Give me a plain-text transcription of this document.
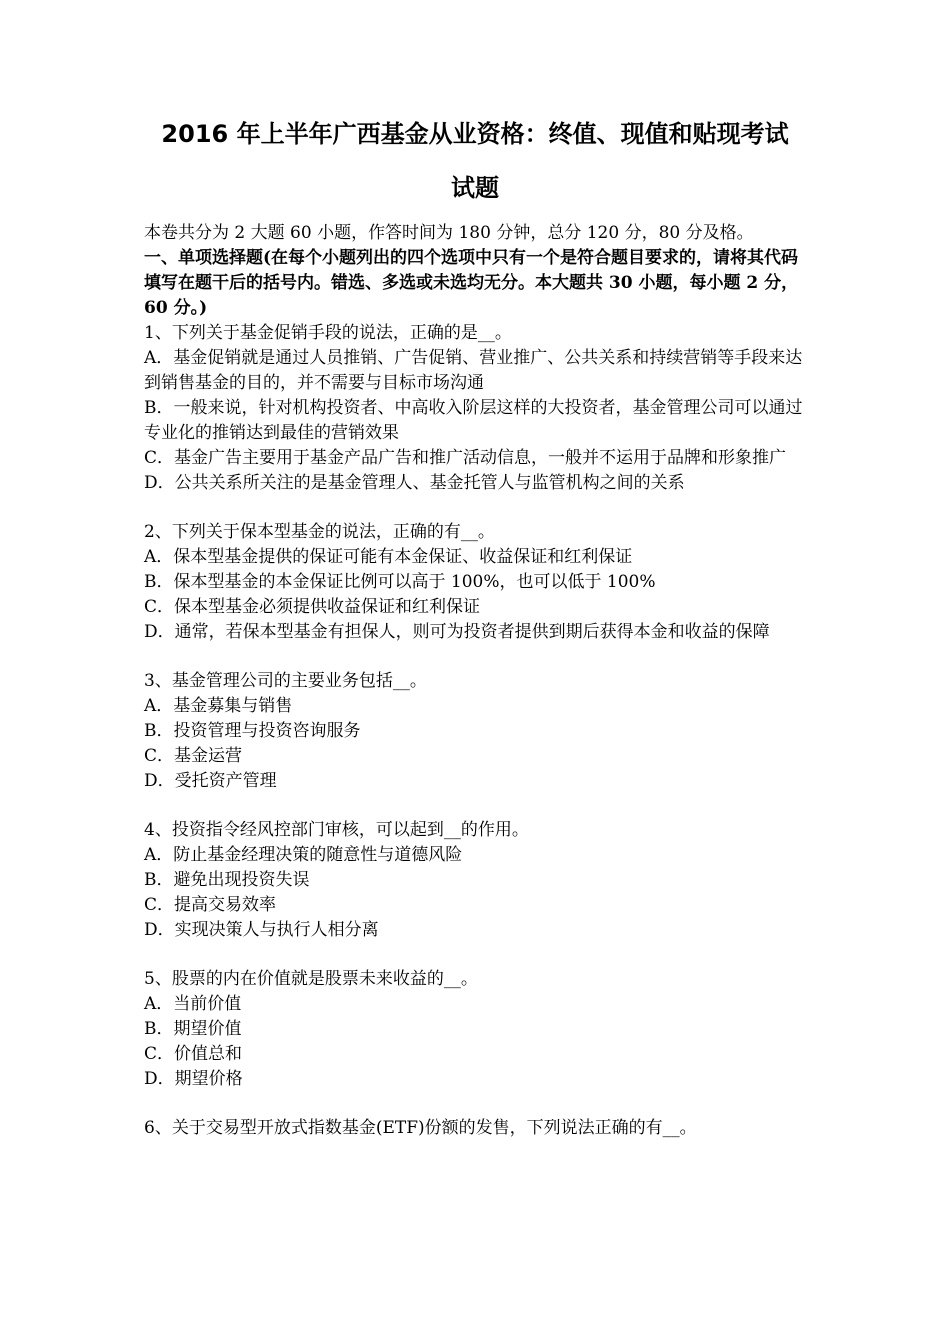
2016 年上半年广西基金从业资格：终值、现值和贴现考试
试题

本卷共分为 2 大题 60 小题，作答时间为 180 分钟，总分 120 分，80 分及格。

一、单项选择题(在每个小题列出的四个选项中只有一个是符合题目要求的，请将其代码填写在题干后的括号内。错选、多选或未选均无分。本大题共 30 小题，每小题 2 分，60 分。)

1、下列关于基金促销手段的说法，正确的是__。

A．基金促销就是通过人员推销、广告促销、营业推广、公共关系和持续营销等手段来达到销售基金的目的，并不需要与目标市场沟通

B．一般来说，针对机构投资者、中高收入阶层这样的大投资者，基金管理公司可以通过专业化的推销达到最佳的营销效果

C．基金广告主要用于基金产品广告和推广活动信息，一般并不运用于品牌和形象推广

D．公共关系所关注的是基金管理人、基金托管人与监管机构之间的关系

2、下列关于保本型基金的说法，正确的有__。

A．保本型基金提供的保证可能有本金保证、收益保证和红利保证

B．保本型基金的本金保证比例可以高于 100%，也可以低于 100%

C．保本型基金必须提供收益保证和红利保证

D．通常，若保本型基金有担保人，则可为投资者提供到期后获得本金和收益的保障

3、基金管理公司的主要业务包括__。

A．基金募集与销售

B．投资管理与投资咨询服务

C．基金运营

D．受托资产管理

4、投资指令经风控部门审核，可以起到__的作用。

A．防止基金经理决策的随意性与道德风险

B．避免出现投资失误

C．提高交易效率

D．实现决策人与执行人相分离

5、股票的内在价值就是股票未来收益的__。

A．当前价值

B．期望价值

C．价值总和

D．期望价格

6、关于交易型开放式指数基金(ETF)份额的发售，下列说法正确的有__。
